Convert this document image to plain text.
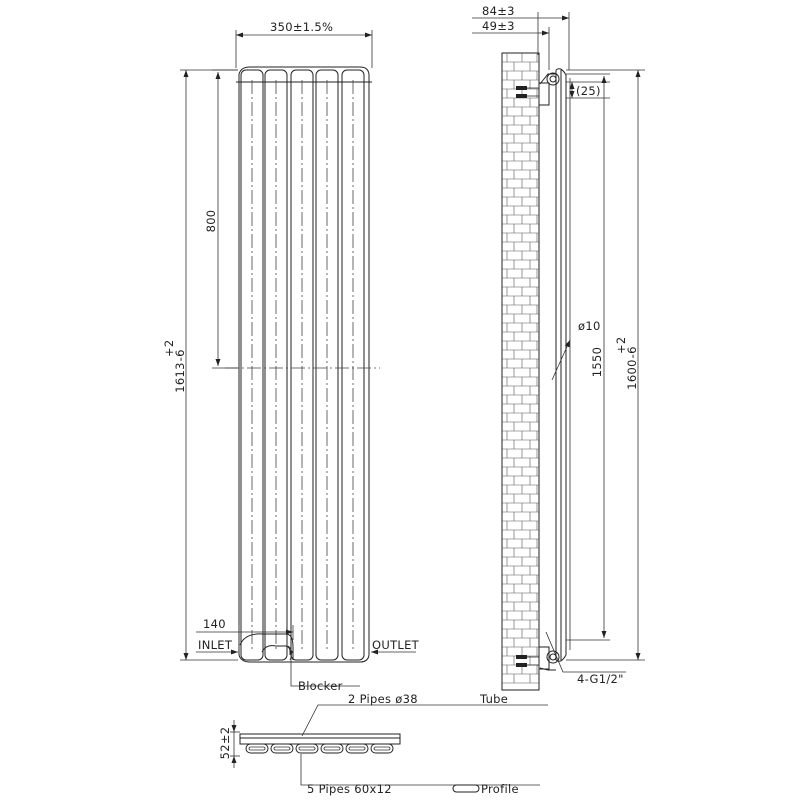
350±1.5%
1613-6
+2
800
140
INLET	OUTLET
Blocker
84±3
49±3
(25)
ø10
1550 1600-6
+2
4-G1/2"
52±2
2 Pipes ø38	Tube
5 Pipes 60x12	Profile
